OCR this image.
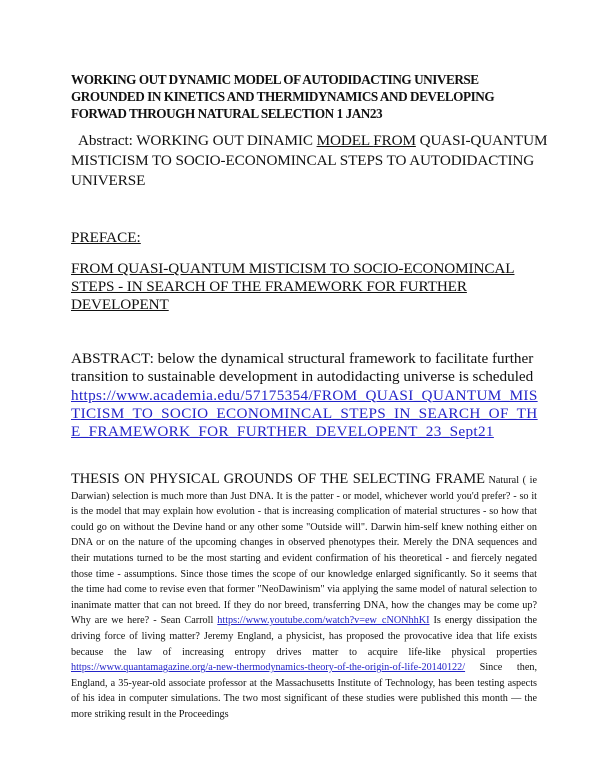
WORKING OUT DYNAMIC MODEL OF AUTODIDACTING UNIVERSE GROUNDED IN KINETICS AND THERMIDYNAMICS AND DEVELOPING FORWAD THROUGH NATURAL SELECTION 1 JAN23
Abstract: WORKING OUT DINAMIC MODEL FROM QUASI-QUANTUM MISTICISM TO SOCIO-ECONOMINCAL STEPS TO AUTODIDACTING UNIVERSE
PREFACE:
FROM QUASI-QUANTUM MISTICISM TO SOCIO-ECONOMINCAL STEPS - IN SEARCH OF THE FRAMEWORK FOR FURTHER DEVELOPENT
ABSTRACT: below the dynamical structural framework to facilitate further transition to sustainable development in autodidacting universe is scheduled https://www.academia.edu/57175354/FROM_QUASI_QUANTUM_MISTICISM_TO_SOCIO_ECONOMINCAL_STEPS_IN_SEARCH_OF_THE_FRAMEWORK_FOR_FURTHER_DEVELOPENT_23_Sept21
THESIS ON PHYSICAL GROUNDS OF THE SELECTING FRAME Natural ( ie Darwian) selection is much more than Just DNA. It is the patter - or model, whichever world you'd prefer? - so it is the model that may explain how evolution - that is increasing complication of material structures - so how that could go on without the Devine hand or any other some "Outside will". Darwin him-self knew nothing either on DNA or on the nature of the upcoming changes in observed phenotypes their. Merely the DNA sequences and their mutations turned to be the most starting and evident confirmation of his theoretical - and fiercely negated those time - assumptions. Since those times the scope of our knowledge enlarged significantly. So it seems that the time had come to revise even that former "NeoDawinism" via applying the same model of natural selection to inanimate matter that can not breed. If they do nor breed, transferring DNA, how the changes may be come up? Why are we here? - Sean Carroll https://www.youtube.com/watch?v=ew_cNONhhKI Is energy dissipation the driving force of living matter? Jeremy England, a physicist, has proposed the provocative idea that life exists because the law of increasing entropy drives matter to acquire life-like physical properties https://www.quantamagazine.org/a-new-thermodynamics-theory-of-the-origin-of-life-20140122/ Since then, England, a 35-year-old associate professor at the Massachusetts Institute of Technology, has been testing aspects of his idea in computer simulations. The two most significant of these studies were published this month — the more striking result in the Proceedings
